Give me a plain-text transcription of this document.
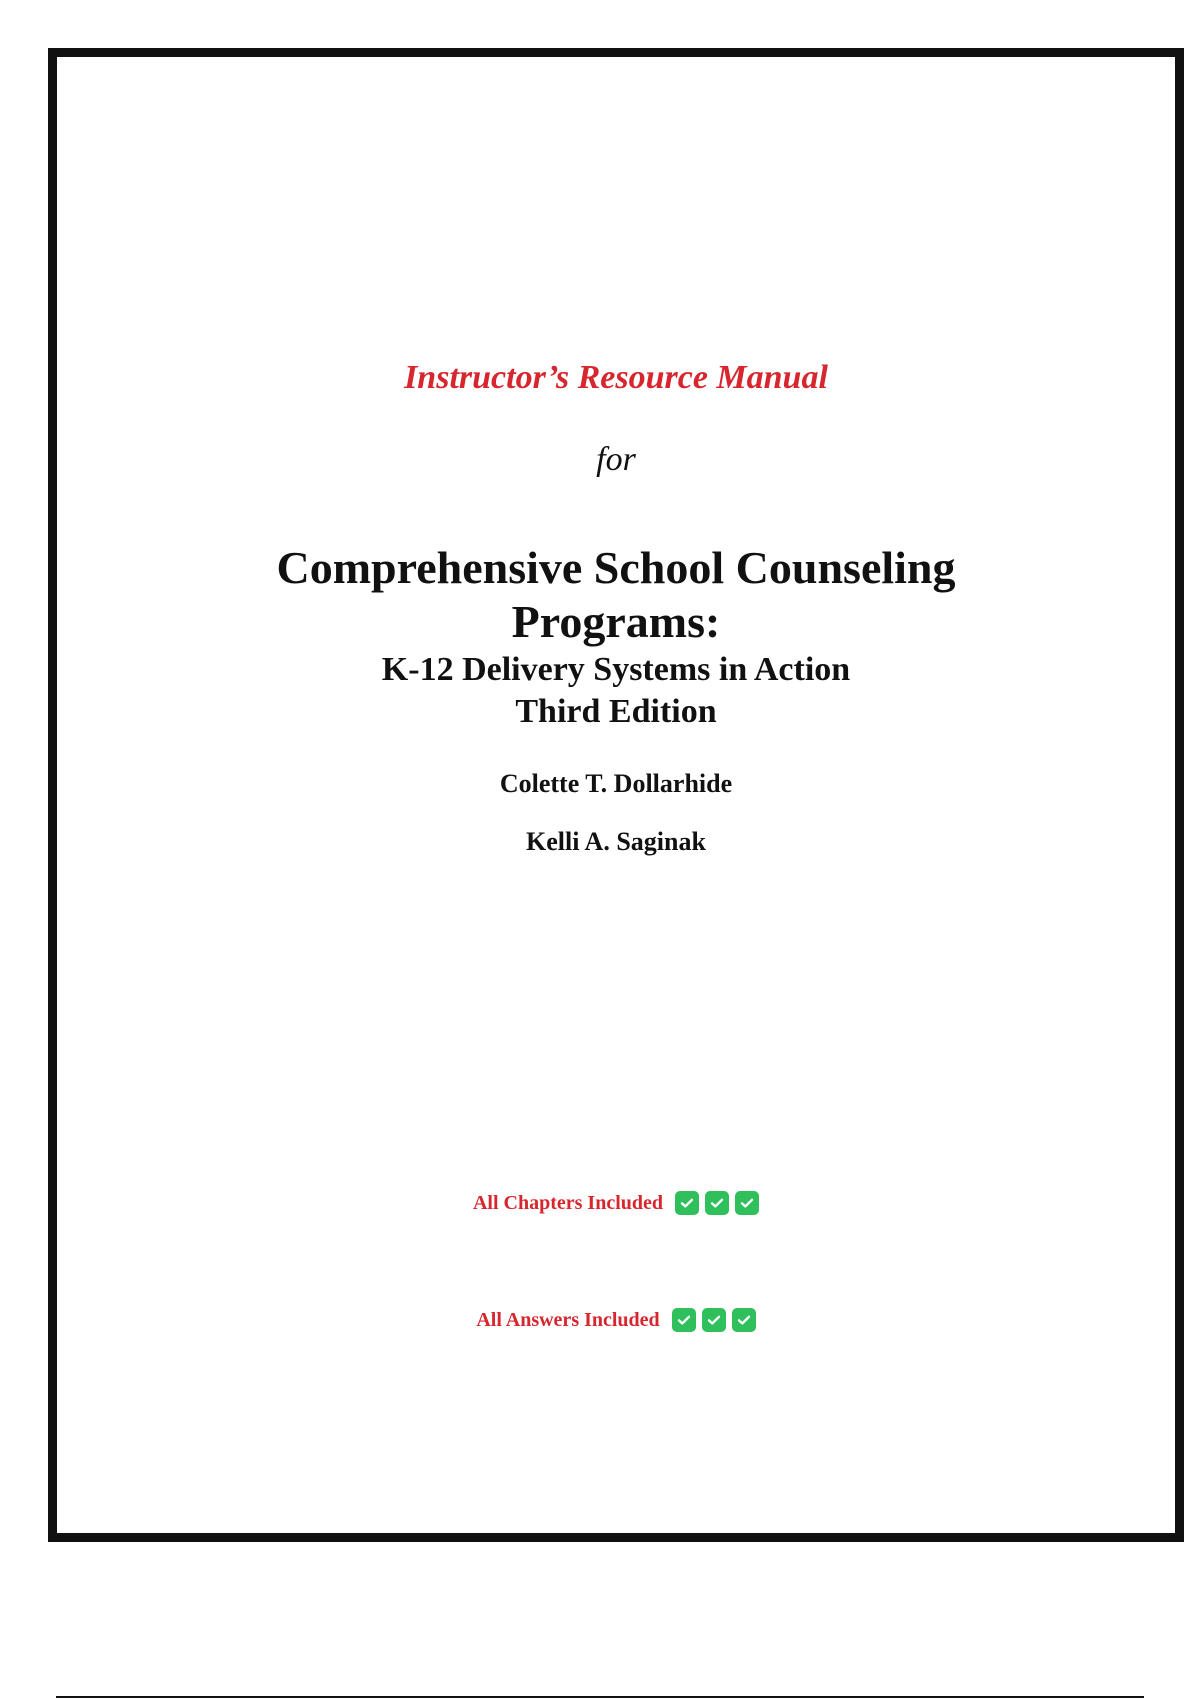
Instructor’s Resource Manual
for
Comprehensive School Counseling
Programs:
K-12 Delivery Systems in Action
Third Edition
Colette T. Dollarhide
Kelli A. Saginak
All Chapters Included
All Answers Included
